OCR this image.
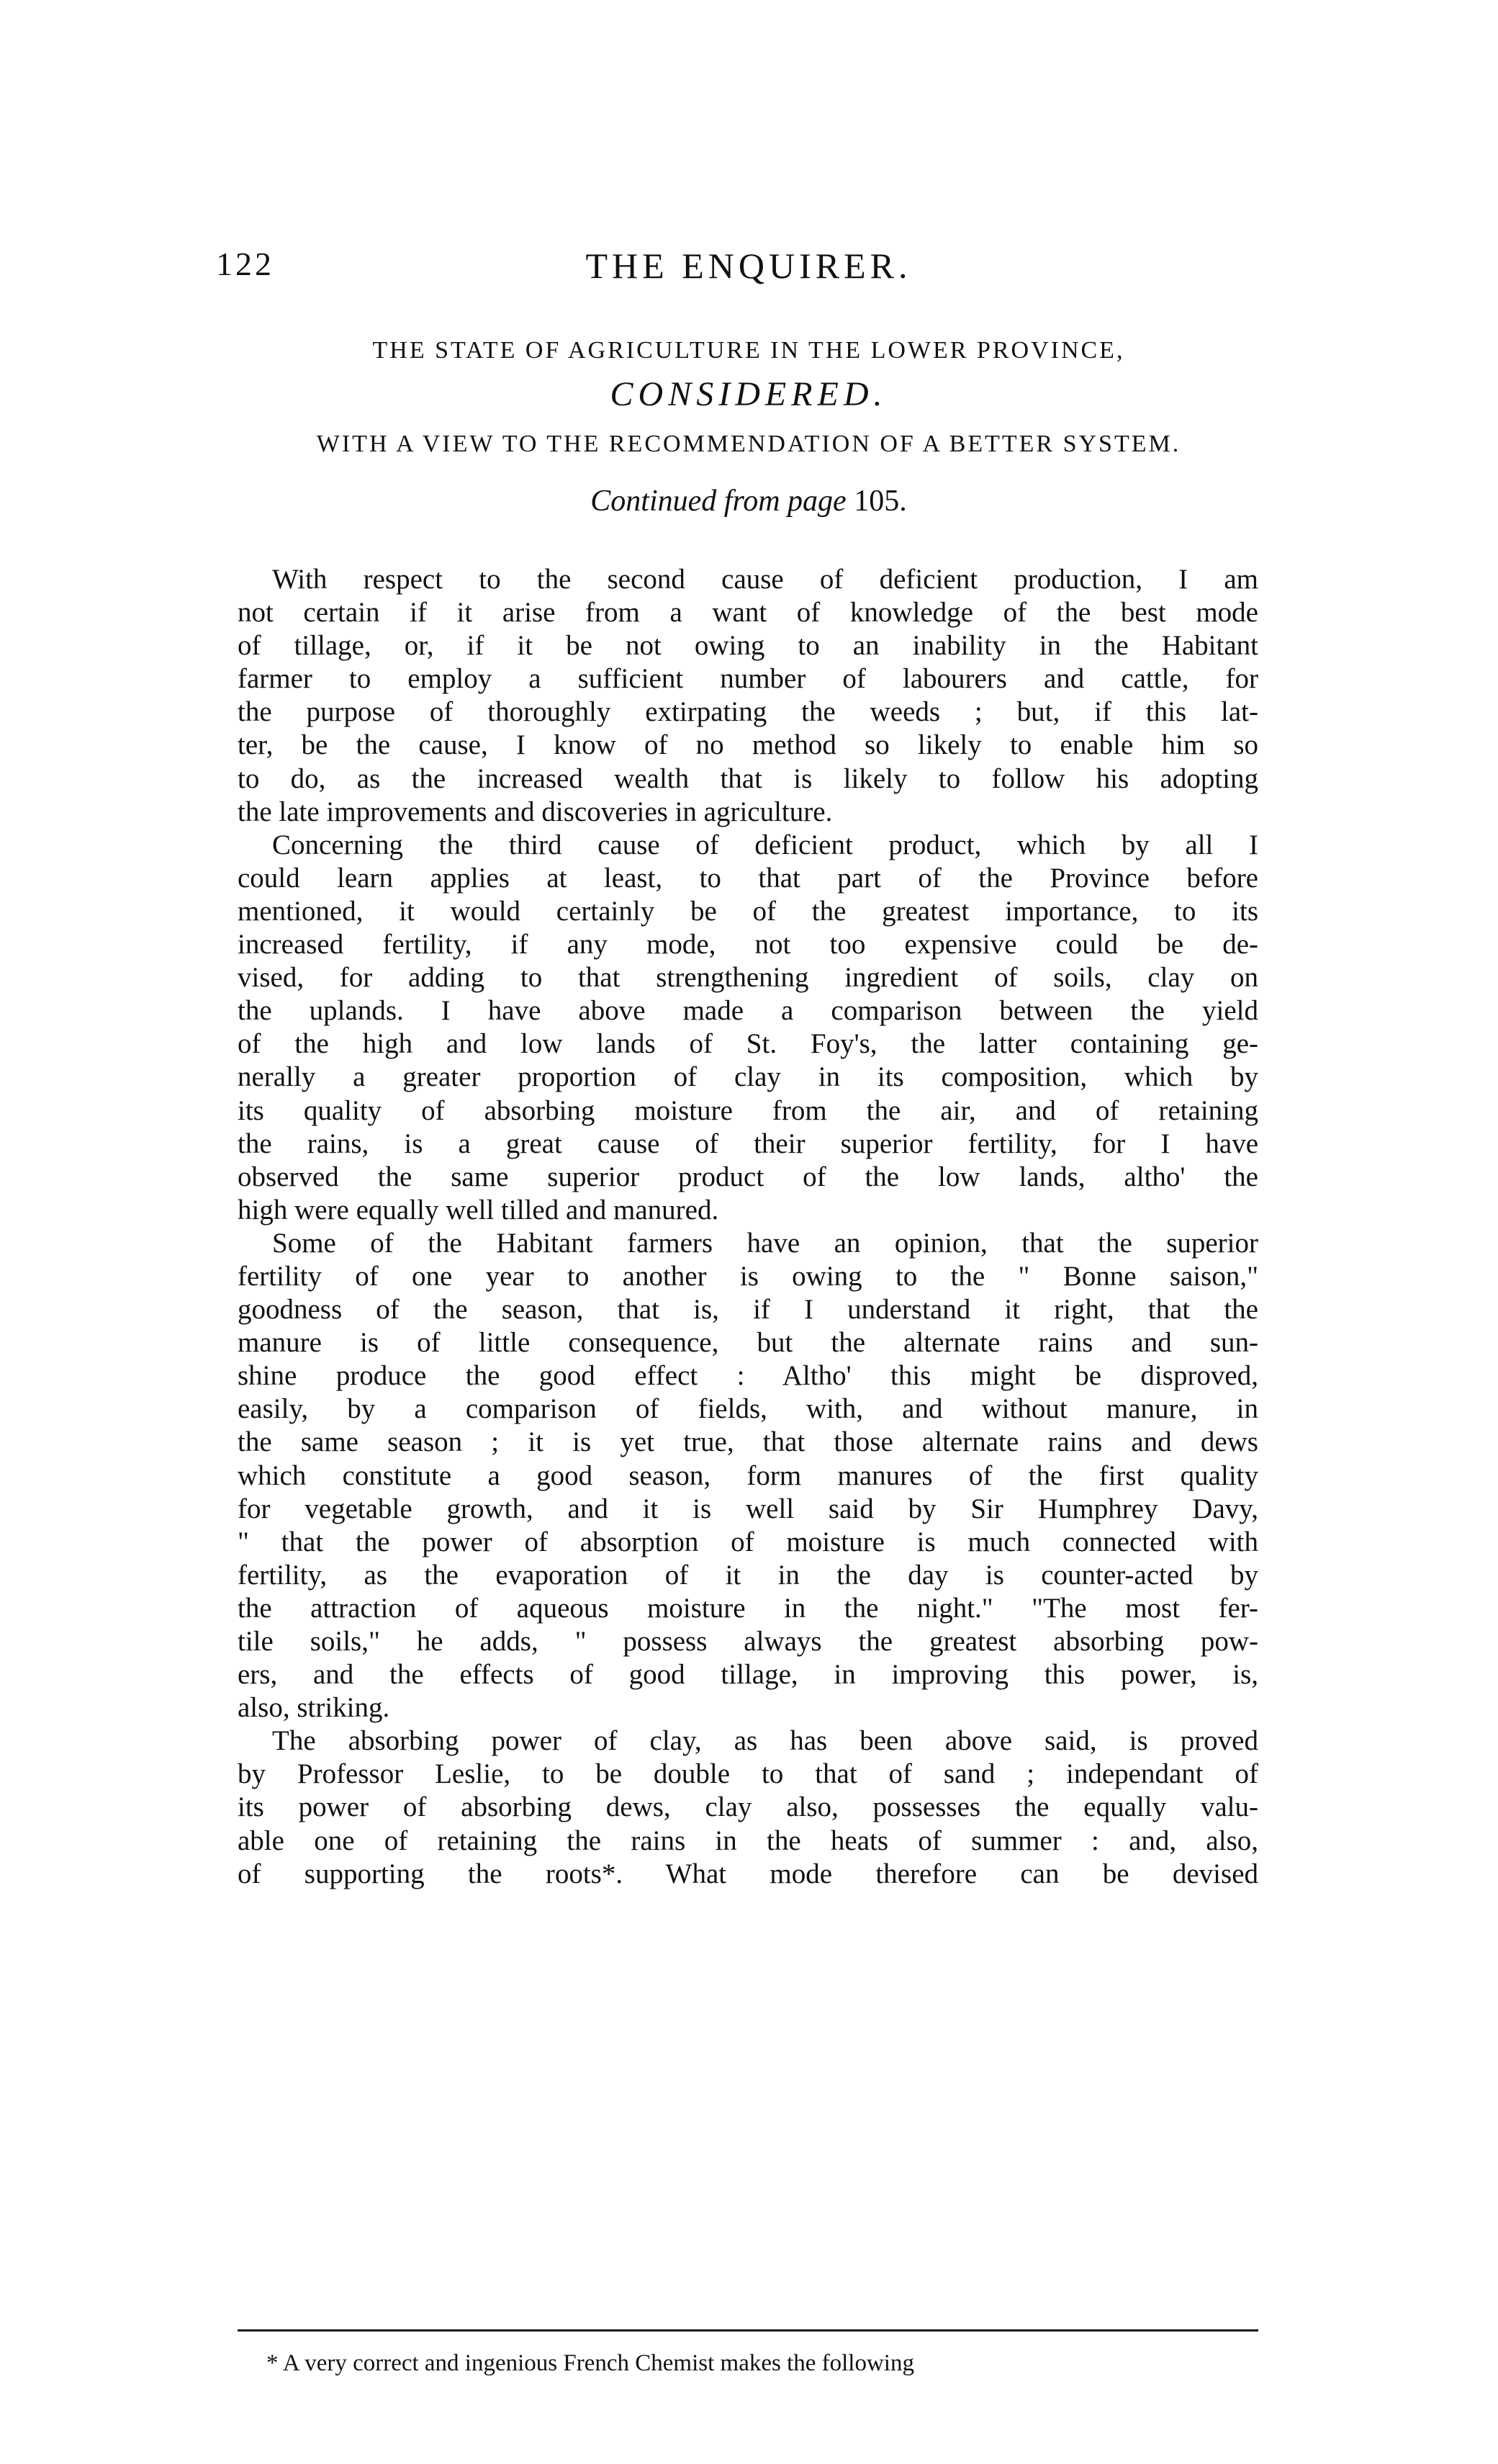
122	THE ENQUIRER.
THE STATE OF AGRICULTURE IN THE LOWER PROVINCE,
CONSIDERED.
WITH A VIEW TO THE RECOMMENDATION OF A BETTER SYSTEM.
Continued from page 105.
With respect to the second cause of deficient production, I am
not certain if it arise from a want of knowledge of the best mode
of tillage, or, if it be not owing to an inability in the Habitant
farmer to employ a sufficient number of labourers and cattle, for
the purpose of thoroughly extirpating the weeds ; but, if this lat-
ter, be the cause, I know of no method so likely to enable him so
to do, as the increased wealth that is likely to follow his adopting
the late improvements and discoveries in agriculture.
Concerning the third cause of deficient product, which by all I
could learn applies at least, to that part of the Province before
mentioned, it would certainly be of the greatest importance, to its
increased fertility, if any mode, not too expensive could be de-
vised, for adding to that strengthening ingredient of soils, clay on
the uplands. I have above made a comparison between the yield
of the high and low lands of St. Foy's, the latter containing ge-
nerally a greater proportion of clay in its composition, which by
its quality of absorbing moisture from the air, and of retaining
the rains, is a great cause of their superior fertility, for I have
observed the same superior product of the low lands, altho' the
high were equally well tilled and manured.
Some of the Habitant farmers have an opinion, that the superior
fertility of one year to another is owing to the " Bonne saison,"
goodness of the season, that is, if I understand it right, that the
manure is of little consequence, but the alternate rains and sun-
shine produce the good effect : Altho' this might be disproved,
easily, by a comparison of fields, with, and without manure, in
the same season ; it is yet true, that those alternate rains and dews
which constitute a good season, form manures of the first quality
for vegetable growth, and it is well said by Sir Humphrey Davy,
" that the power of absorption of moisture is much connected with
fertility, as the evaporation of it in the day is counter-acted by
the attraction of aqueous moisture in the night." "The most fer-
tile soils," he adds, " possess always the greatest absorbing pow-
ers, and the effects of good tillage, in improving this power, is,
also, striking.
The absorbing power of clay, as has been above said, is proved
by Professor Leslie, to be double to that of sand ; independant of
its power of absorbing dews, clay also, possesses the equally valu-
able one of retaining the rains in the heats of summer : and, also,
of supporting the roots*. What mode therefore can be devised
* A very correct and ingenious French Chemist makes the following
